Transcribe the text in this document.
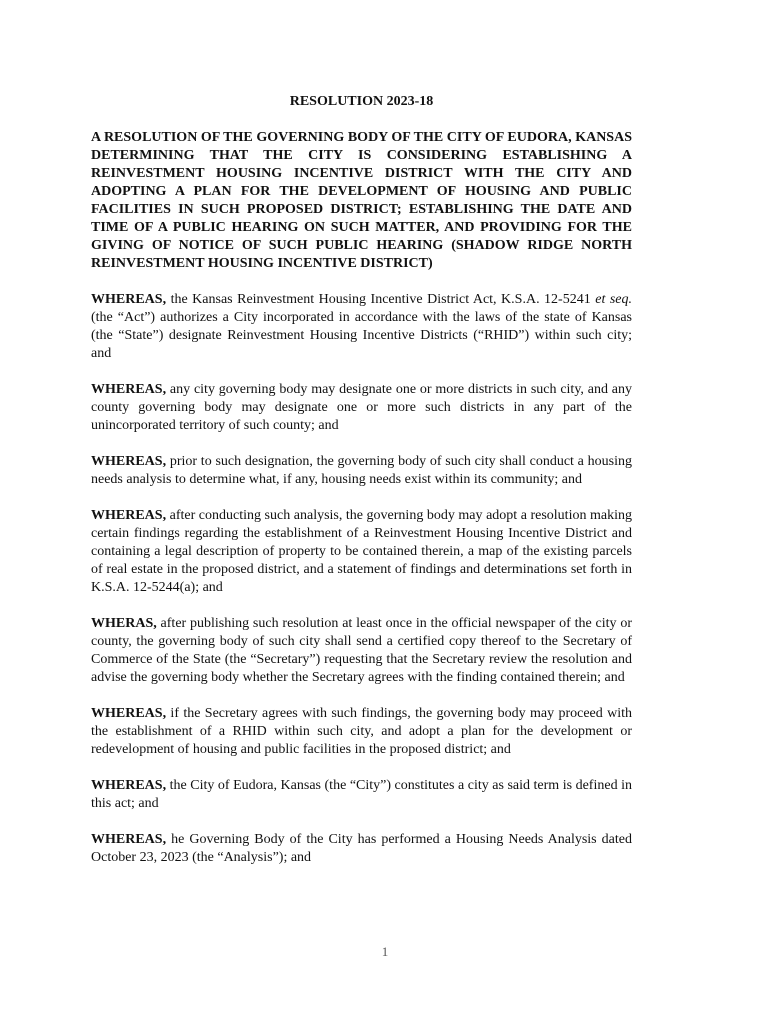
RESOLUTION 2023-18
A RESOLUTION OF THE GOVERNING BODY OF THE CITY OF EUDORA, KANSAS DETERMINING THAT THE CITY IS CONSIDERING ESTABLISHING A REINVESTMENT HOUSING INCENTIVE DISTRICT WITH THE CITY AND ADOPTING A PLAN FOR THE DEVELOPMENT OF HOUSING AND PUBLIC FACILITIES IN SUCH PROPOSED DISTRICT; ESTABLISHING THE DATE AND TIME OF A PUBLIC HEARING ON SUCH MATTER, AND PROVIDING FOR THE GIVING OF NOTICE OF SUCH PUBLIC HEARING (SHADOW RIDGE NORTH REINVESTMENT HOUSING INCENTIVE DISTRICT)

WHEREAS, the Kansas Reinvestment Housing Incentive District Act, K.S.A. 12-5241 et seq. (the “Act”) authorizes a City incorporated in accordance with the laws of the state of Kansas (the “State”) designate Reinvestment Housing Incentive Districts (“RHID”) within such city; and

WHEREAS, any city governing body may designate one or more districts in such city, and any county governing body may designate one or more such districts in any part of the unincorporated territory of such county; and

WHEREAS, prior to such designation, the governing body of such city shall conduct a housing needs analysis to determine what, if any, housing needs exist within its community; and

WHEREAS, after conducting such analysis, the governing body may adopt a resolution making certain findings regarding the establishment of a Reinvestment Housing Incentive District and containing a legal description of property to be contained therein, a map of the existing parcels of real estate in the proposed district, and a statement of findings and determinations set forth in K.S.A. 12-5244(a); and

WHERAS, after publishing such resolution at least once in the official newspaper of the city or county, the governing body of such city shall send a certified copy thereof to the Secretary of Commerce of the State (the “Secretary”) requesting that the Secretary review the resolution and advise the governing body whether the Secretary agrees with the finding contained therein; and

WHEREAS, if the Secretary agrees with such findings, the governing body may proceed with the establishment of a RHID within such city, and adopt a plan for the development or redevelopment of housing and public facilities in the proposed district; and

WHEREAS, the City of Eudora, Kansas (the “City”) constitutes a city as said term is defined in this act; and

WHEREAS, he Governing Body of the City has performed a Housing Needs Analysis dated October 23, 2023 (the “Analysis”); and

1
